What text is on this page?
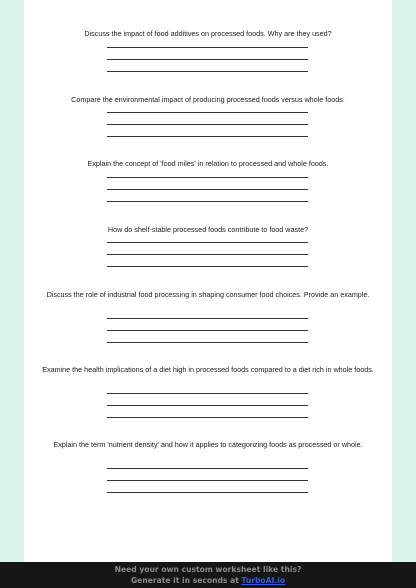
Discuss the impact of food additives on processed foods. Why are they used?
Compare the environmental impact of producing processed foods versus whole foods.
Explain the concept of 'food miles' in relation to processed and whole foods.
How do shelf-stable processed foods contribute to food waste?
Discuss the role of industrial food processing in shaping consumer food choices. Provide an example.
Examine the health implications of a diet high in processed foods compared to a diet rich in whole foods.
Explain the term 'nutrient density' and how it applies to categorizing foods as processed or whole.
Need your own custom worksheet like this?
Generate it in seconds at TurboAI.io
